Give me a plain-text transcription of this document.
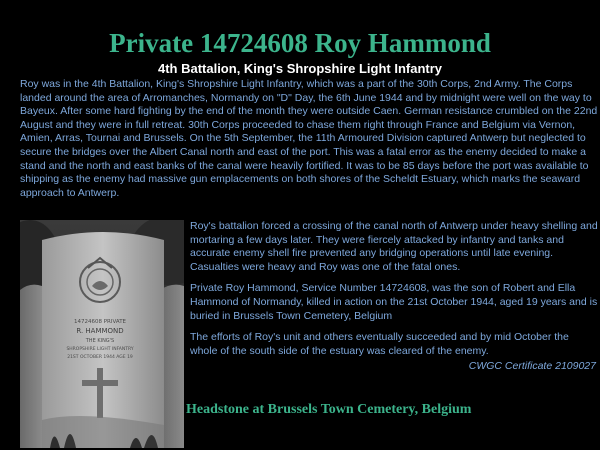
Private 14724608 Roy Hammond
4th Battalion, King's Shropshire Light Infantry

Roy was in the 4th Battalion, King's Shropshire Light Infantry, which was a part of the 30th Corps, 2nd Army. The Corps landed around the area of Arromanches, Normandy on "D" Day, the 6th June 1944 and by midnight were well on the way to Bayeux. After some hard fighting by the end of the month they were outside Caen. German resistance crumbled on the 22nd August and they were in full retreat. 30th Corps proceeded to chase them right through France and Belgium via Vernon, Amien, Arras, Tournai and Brussels. On the 5th September, the 11th Armoured Division captured Antwerp but neglected to secure the bridges over the Albert Canal north and east of the port. This was a fatal error as the enemy decided to make a stand and the north and east banks of the canal were heavily fortified. It was to be 85 days before the port was available to shipping as the enemy had massive gun emplacements on both shores of the Scheldt Estuary, which marks the seaward approach to Antwerp.

14724608 PRIVATE
R. HAMMOND
THE KING'S
SHROPSHIRE LIGHT INFANTRY
21ST OCTOBER 1944 AGE 19

Roy's battalion forced a crossing of the canal north of Antwerp under heavy shelling and mortaring a few days later. They were fiercely attacked by infantry and tanks and accurate enemy shell fire prevented any bridging operations until late evening. Casualties were heavy and Roy was one of the fatal ones.

Private Roy Hammond, Service Number 14724608, was the son of Robert and Ella Hammond of Normandy, killed in action on the 21st October 1944, aged 19 years and is buried in Brussels Town Cemetery, Belgium

The efforts of Roy's unit and others eventually succeeded and by mid October the whole of the south side of the estuary was cleared of the enemy.

CWGC Certificate 2109027
Headstone at Brussels Town Cemetery, Belgium
